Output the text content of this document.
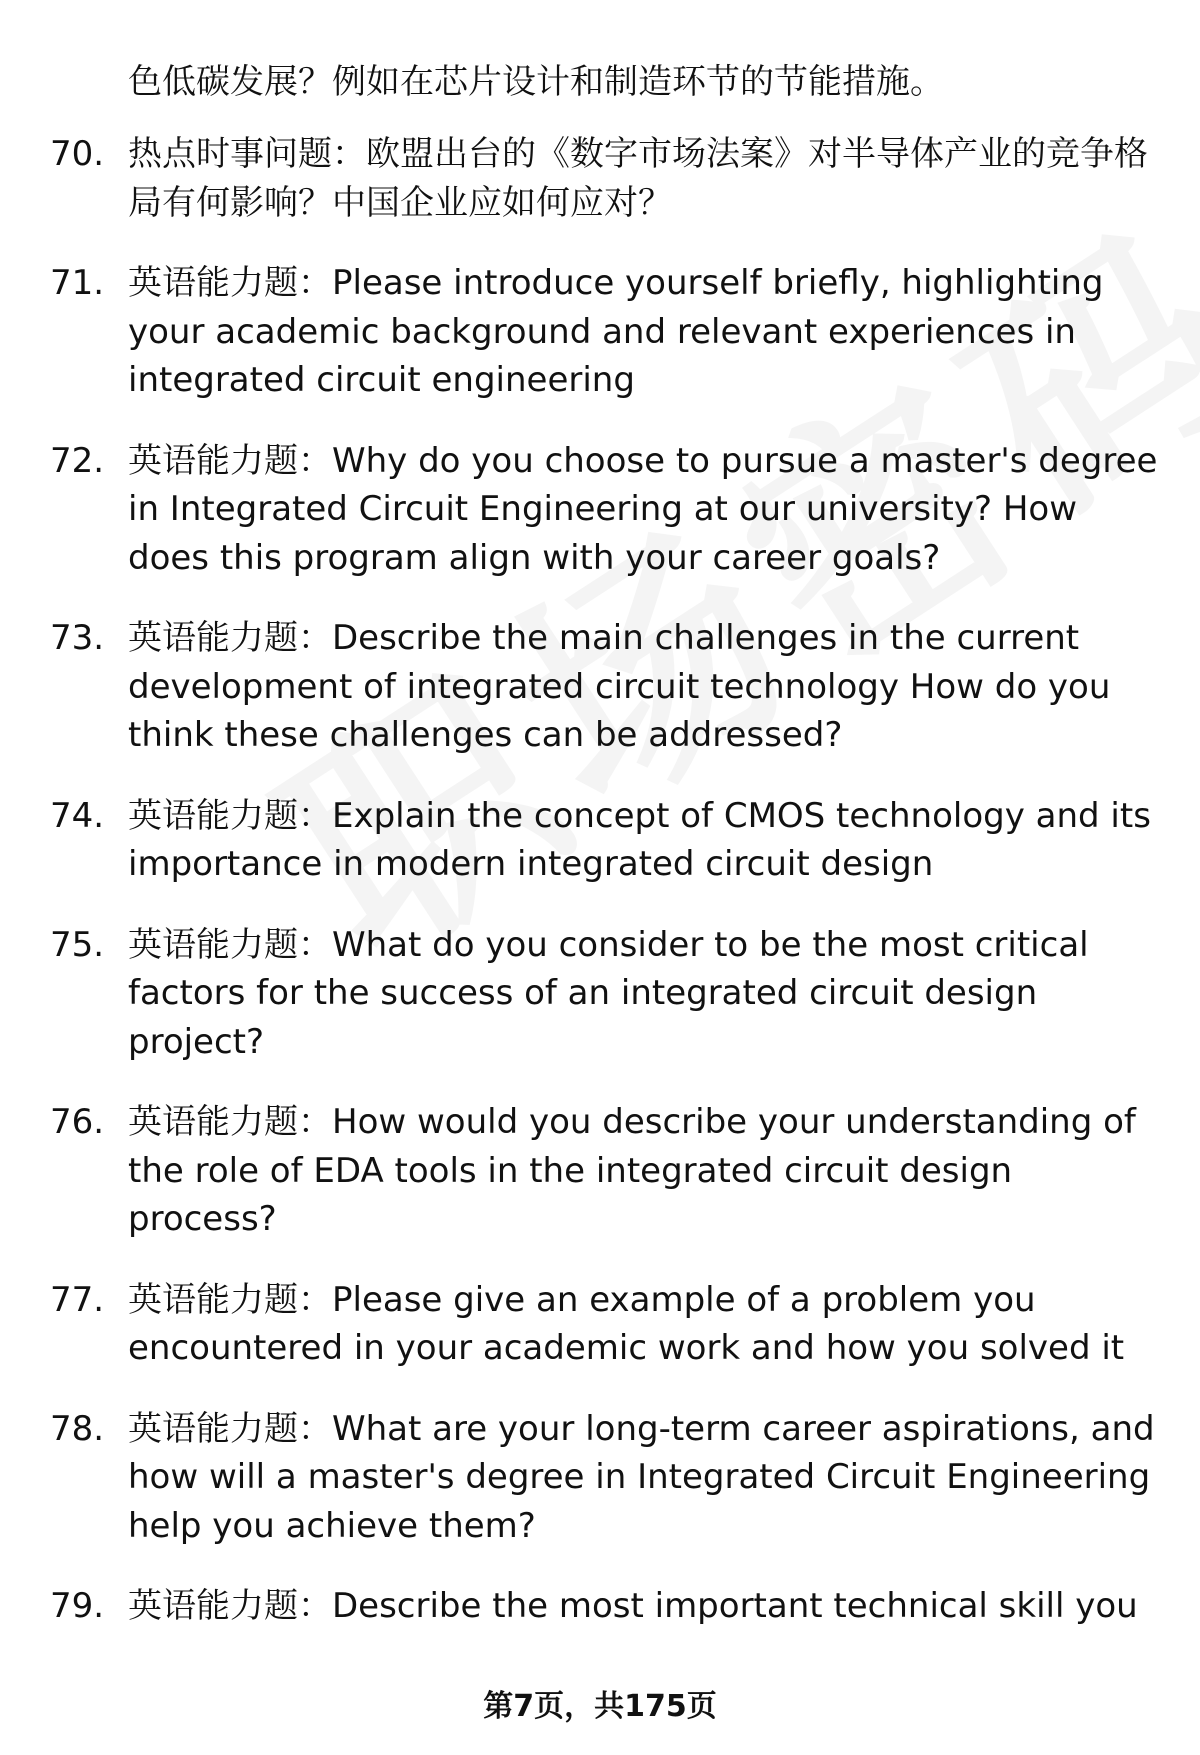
色低碳发展？例如在芯片设计和制造环节的节能措施。
70. 热点时事问题：欧盟出台的《数字市场法案》对半导体产业的竞争格局有何影响？中国企业应如何应对？
71. 英语能力题：Please introduce yourself briefly, highlighting your academic background and relevant experiences in integrated circuit engineering
72. 英语能力题：Why do you choose to pursue a master's degree in Integrated Circuit Engineering at our university? How does this program align with your career goals?
73. 英语能力题：Describe the main challenges in the current development of integrated circuit technology How do you think these challenges can be addressed?
74. 英语能力题：Explain the concept of CMOS technology and its importance in modern integrated circuit design
75. 英语能力题：What do you consider to be the most critical factors for the success of an integrated circuit design project?
76. 英语能力题：How would you describe your understanding of the role of EDA tools in the integrated circuit design process?
77. 英语能力题：Please give an example of a problem you encountered in your academic work and how you solved it
78. 英语能力题：What are your long-term career aspirations, and how will a master's degree in Integrated Circuit Engineering help you achieve them?
79. 英语能力题：Describe the most important technical skill you
第7页，共175页
